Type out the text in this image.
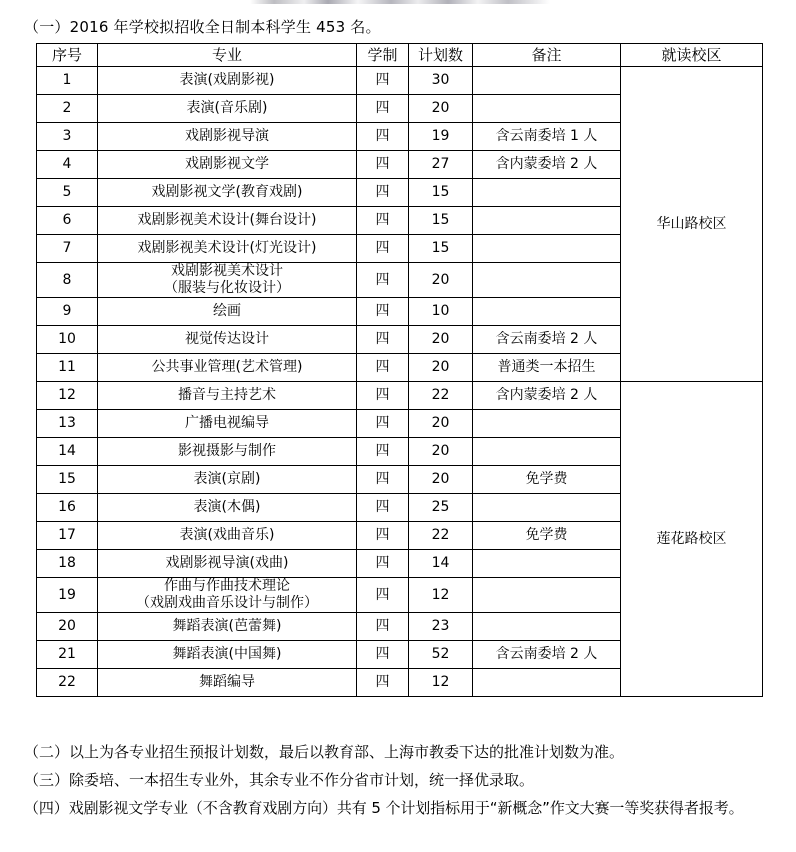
（一）2016 年学校拟招收全日制本科学生 453 名。
序号	专业	学制	计划数	备注	就读校区
1	表演(戏剧影视)	四	30		华山路校区
2	表演(音乐剧)	四	20		
3	戏剧影视导演	四	19	含云南委培 1 人	
4	戏剧影视文学	四	27	含内蒙委培 2 人	
5	戏剧影视文学(教育戏剧)	四	15		
6	戏剧影视美术设计(舞台设计)	四	15		
7	戏剧影视美术设计(灯光设计)	四	15		
8	戏剧影视美术设计
（服装与化妆设计）	四	20		
9	绘画	四	10		
10	视觉传达设计	四	20	含云南委培 2 人	
11	公共事业管理(艺术管理)	四	20	普通类一本招生	
12	播音与主持艺术	四	22	含内蒙委培 2 人	莲花路校区
13	广播电视编导	四	20		
14	影视摄影与制作	四	20		
15	表演(京剧)	四	20	免学费	
16	表演(木偶)	四	25		
17	表演(戏曲音乐)	四	22	免学费	
18	戏剧影视导演(戏曲)	四	14		
19	作曲与作曲技术理论
（戏剧戏曲音乐设计与制作）	四	12		
20	舞蹈表演(芭蕾舞)	四	23		
21	舞蹈表演(中国舞)	四	52	含云南委培 2 人	
22	舞蹈编导	四	12		

（二）以上为各专业招生预报计划数，最后以教育部、上海市教委下达的批准计划数为准。

（三）除委培、一本招生专业外，其余专业不作分省市计划，统一择优录取。

（四）戏剧影视文学专业（不含教育戏剧方向）共有 5 个计划指标用于“新概念”作文大赛一等奖获得者报考。
